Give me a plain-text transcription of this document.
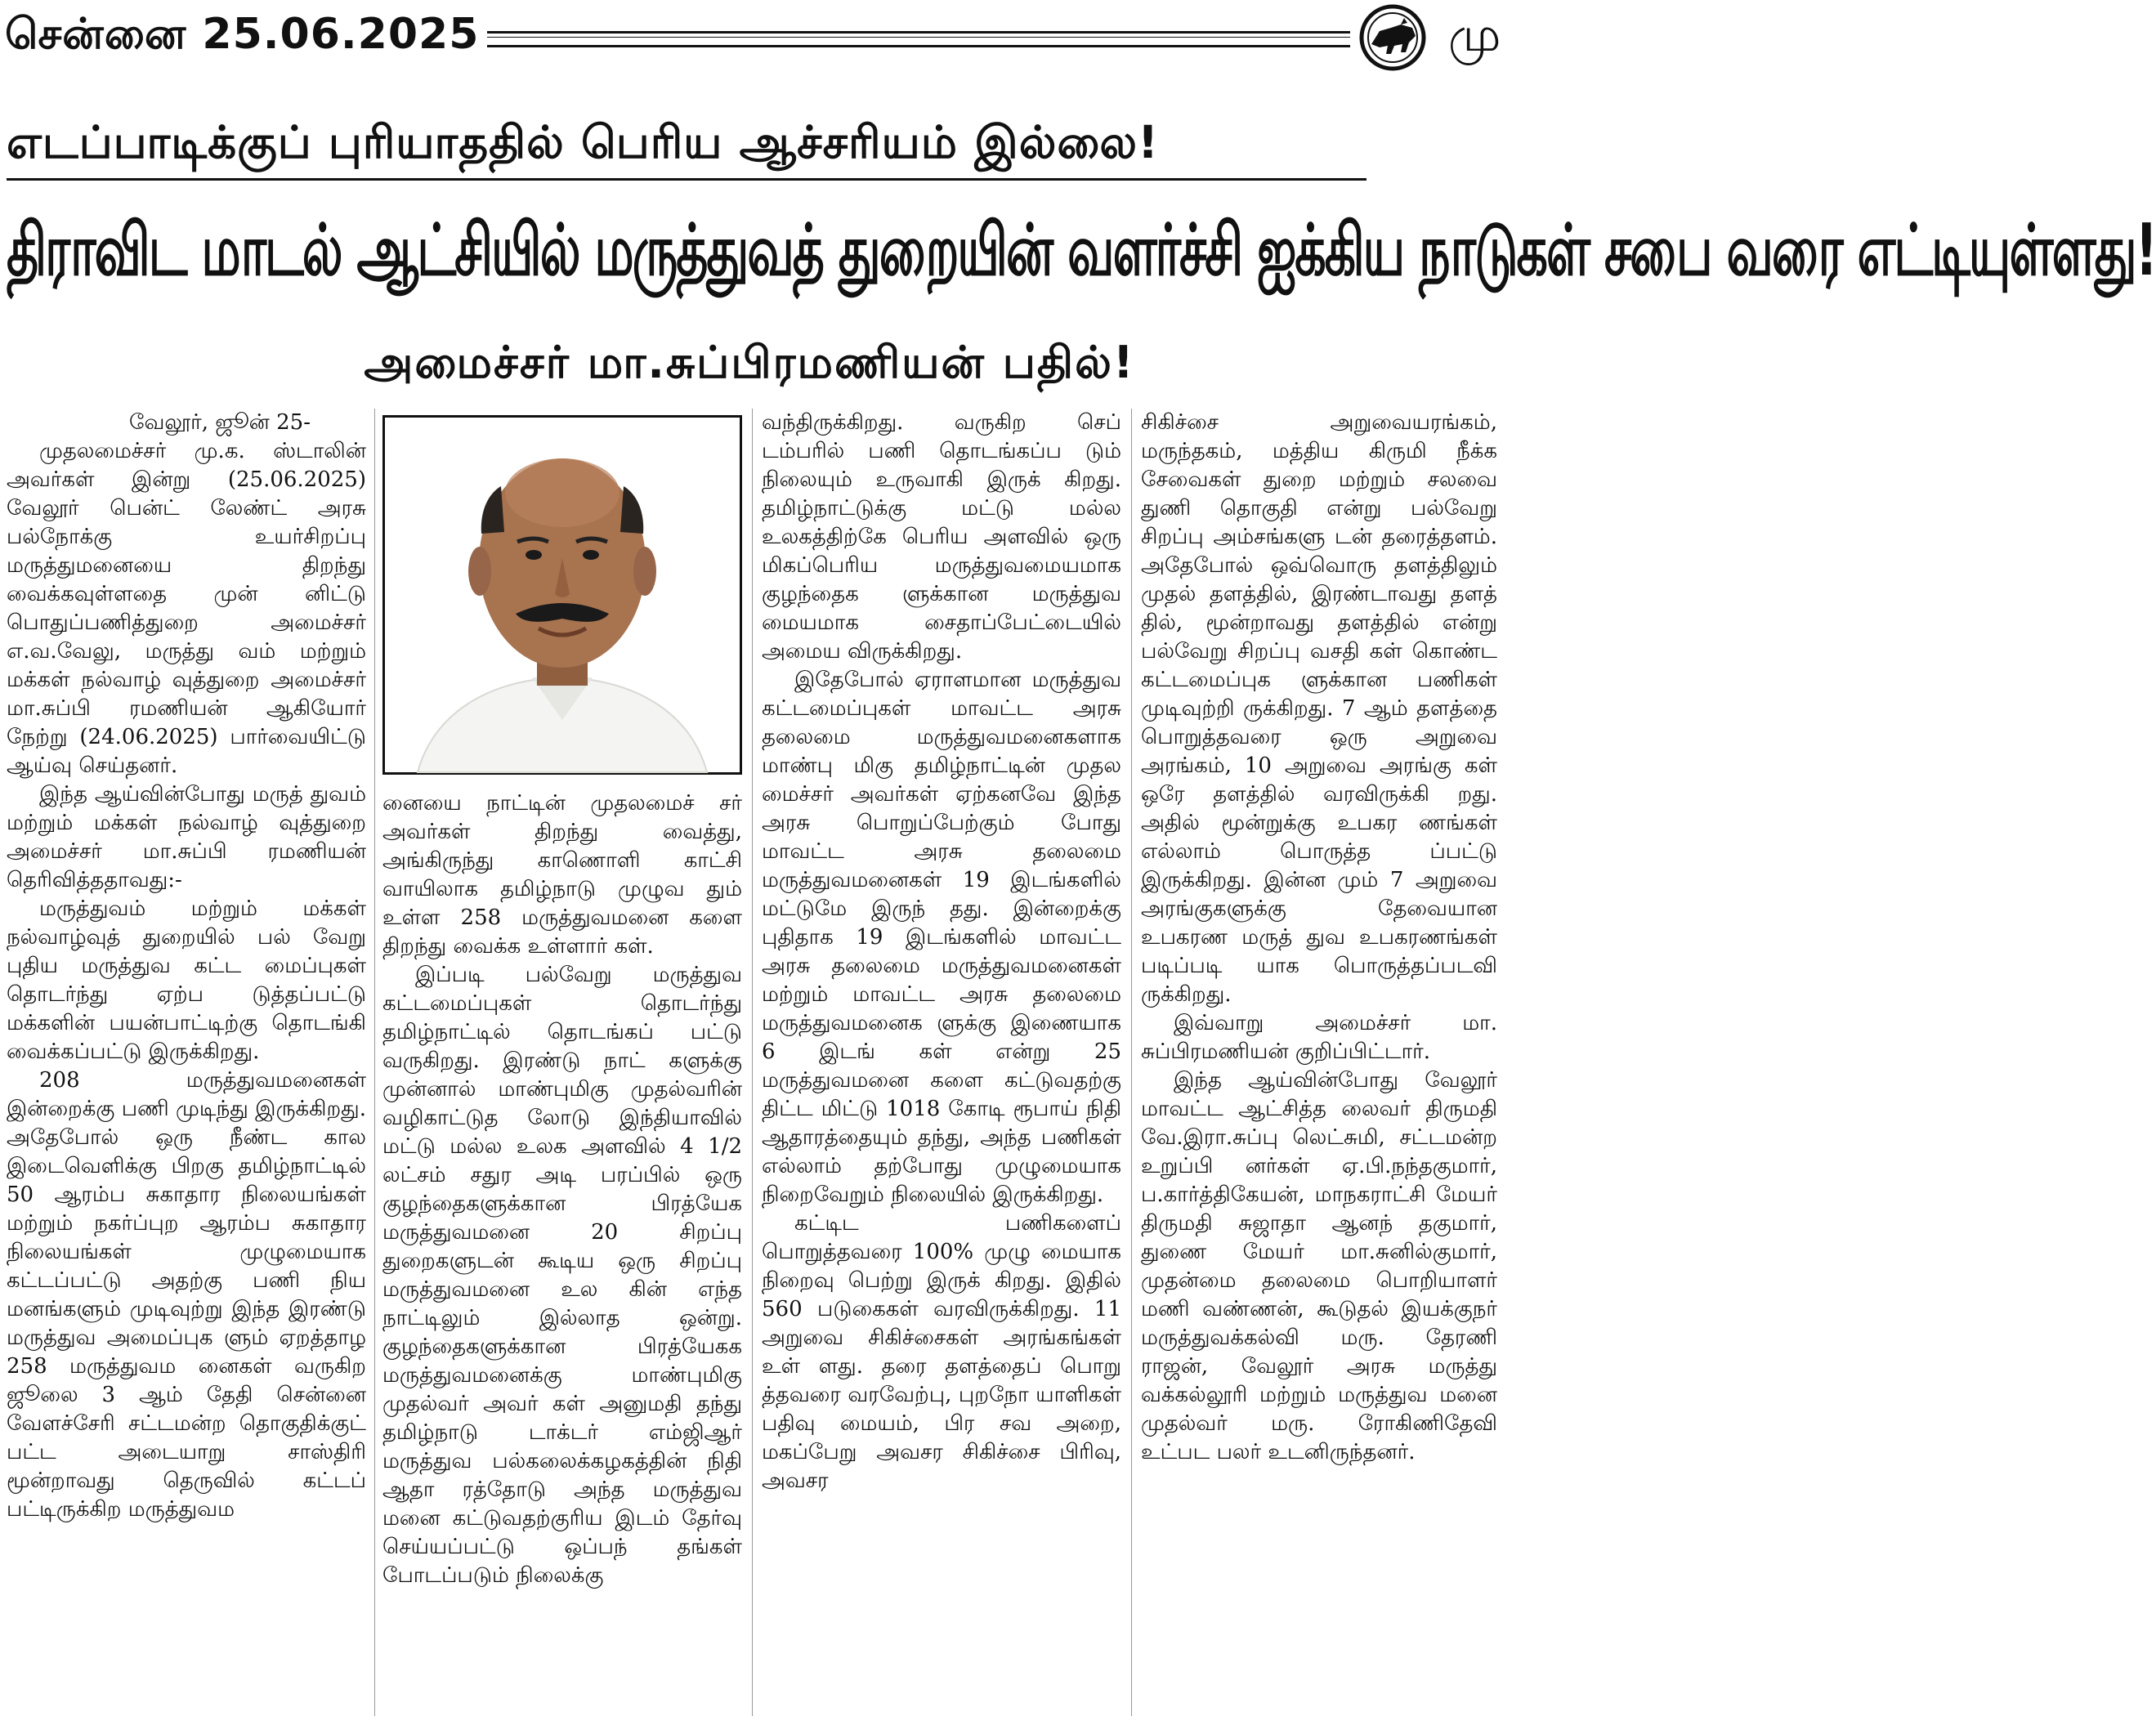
சென்னை 25.06.2025	மு
எடப்பாடிக்குப் புரியாததில் பெரிய ஆச்சரியம் இல்லை!
திராவிட மாடல் ஆட்சியில் மருத்துவத் துறையின் வளர்ச்சி ஐக்கிய நாடுகள் சபை வரை எட்டியுள்ளது!
அமைச்சர் மா.சுப்பிரமணியன் பதில்!

வேலூர், ஜூன் 25-

முதலமைச்சர் மு.க. ஸ்டாலின் அவர்கள் இன்று (25.06.2025) வேலூர் பென்ட் லேண்ட் அரசு பல்நோக்கு உயர்சிறப்பு மருத்துமனையை திறந்து வைக்கவுள்ளதை முன் னிட்டு பொதுப்பணித்துறை அமைச்சர் எ.வ.வேலு, மருத்து வம் மற்றும் மக்கள் நல்வாழ் வுத்துறை அமைச்சர் மா.சுப்பி ரமணியன் ஆகியோர் நேற்று (24.06.2025) பார்வையிட்டு ஆய்வு செய்தனர்.

இந்த ஆய்வின்போது மருத் துவம் மற்றும் மக்கள் நல்வாழ் வுத்துறை அமைச்சர் மா.சுப்பி ரமணியன் தெரிவித்ததாவது:-

மருத்துவம் மற்றும் மக்கள் நல்வாழ்வுத் துறையில் பல் வேறு புதிய மருத்துவ கட்ட மைப்புகள் தொடர்ந்து ஏற்ப டுத்தப்பட்டு மக்களின் பயன்பாட்டிற்கு தொடங்கி வைக்கப்பட்டு இருக்கிறது.

208 மருத்துவமனைகள் இன்றைக்கு பணி முடிந்து இருக்கிறது. அதேபோல் ஒரு நீண்ட கால இடைவெளிக்கு பிறகு தமிழ்நாட்டில் 50 ஆரம்ப சுகாதார நிலையங்கள் மற்றும் நகர்ப்புற ஆரம்ப சுகாதார நிலையங்கள் முழுமையாக கட்டப்பட்டு அதற்கு பணி நிய மனங்களும் முடிவுற்று இந்த இரண்டு மருத்துவ அமைப்புக ளும் ஏறத்தாழ 258 மருத்துவம னைகள் வருகிற ஜூலை 3 ஆம் தேதி சென்னை வேளச்சேரி சட்டமன்ற தொகுதிக்குட் பட்ட அடையாறு சாஸ்திரி மூன்றாவது தெருவில் கட்டப் பட்டிருக்கிற மருத்துவம

னையை நாட்டின் முதலமைச் சர் அவர்கள் திறந்து வைத்து, அங்கிருந்து காணொளி காட்சி வாயிலாக தமிழ்நாடு முழுவ தும் உள்ள 258 மருத்துவமனை களை திறந்து வைக்க உள்ளார் கள்.

இப்படி பல்வேறு மருத்துவ கட்டமைப்புகள் தொடர்ந்து தமிழ்நாட்டில் தொடங்கப் பட்டு வருகிறது. இரண்டு நாட் களுக்கு முன்னால் மாண்புமிகு முதல்வரின் வழிகாட்டுத லோடு இந்தியாவில் மட்டு மல்ல உலக அளவில் 4 1/2 லட்சம் சதுர அடி பரப்பில் ஒரு குழந்தைகளுக்கான பிரத்யேக மருத்துவமனை 20 சிறப்பு துறைகளுடன் கூடிய ஒரு சிறப்பு மருத்துவமனை உல கின் எந்த நாட்டிலும் இல்லாத ஒன்று. குழந்தைகளுக்கான பிரத்யேகக மருத்துவமனைக்கு மாண்புமிகு முதல்வர் அவர் கள் அனுமதி தந்து தமிழ்நாடு டாக்டர் எம்ஜிஆர் மருத்துவ பல்கலைக்கழகத்தின் நிதி ஆதா ரத்தோடு அந்த மருத்துவ மனை கட்டுவதற்குரிய இடம் தேர்வு செய்யப்பட்டு ஒப்பந் தங்கள் போடப்படும் நிலைக்கு

வந்திருக்கிறது. வருகிற செப் டம்பரில் பணி தொடங்கப்ப டும் நிலையும் உருவாகி இருக் கிறது. தமிழ்நாட்டுக்கு மட்டு மல்ல உலகத்திற்கே பெரிய அளவில் ஒரு மிகப்பெரிய மருத்துவமையமாக குழந்தைக ளுக்கான மருத்துவ மையமாக சைதாப்பேட்டையில் அமைய விருக்கிறது.

இதேபோல் ஏராளமான மருத்துவ கட்டமைப்புகள் மாவட்ட அரசு தலைமை மருத்துவமனைகளாக மாண்பு மிகு தமிழ்நாட்டின் முதல மைச்சர் அவர்கள் ஏற்கனவே இந்த அரசு பொறுப்பேற்கும் போது மாவட்ட அரசு தலைமை மருத்துவமனைகள் 19 இடங்களில் மட்டுமே இருந் தது. இன்றைக்கு புதிதாக 19 இடங்களில் மாவட்ட அரசு தலைமை மருத்துவமனைகள் மற்றும் மாவட்ட அரசு தலைமை மருத்துவமனைக ளுக்கு இணையாக 6 இடங் கள் என்று 25 மருத்துவமனை களை கட்டுவதற்கு திட்ட மிட்டு 1018 கோடி ரூபாய் நிதி ஆதாரத்தையும் தந்து, அந்த பணிகள் எல்லாம் தற்போது முழுமையாக நிறைவேறும் நிலையில் இருக்கிறது.

கட்டிட பணிகளைப் பொறுத்தவரை 100% முழு மையாக நிறைவு பெற்று இருக் கிறது. இதில் 560 படுகைகள் வரவிருக்கிறது. 11 அறுவை சிகிச்சைகள் அரங்கங்கள் உள் ளது. தரை தளத்தைப் பொறு த்தவரை வரவேற்பு, புறநோ யாளிகள் பதிவு மையம், பிர சவ அறை, மகப்பேறு அவசர சிகிச்சை பிரிவு, அவசர

சிகிச்சை அறுவையரங்கம், மருந்தகம், மத்திய கிருமி நீக்க சேவைகள் துறை மற்றும் சலவை துணி தொகுதி என்று பல்வேறு சிறப்பு அம்சங்களு டன் தரைத்தளம். அதேபோல் ஒவ்வொரு தளத்திலும் முதல் தளத்தில், இரண்டாவது தளத் தில், மூன்றாவது தளத்தில் என்று பல்வேறு சிறப்பு வசதி கள் கொண்ட கட்டமைப்புக ளுக்கான பணிகள் முடிவுற்றி ருக்கிறது. 7 ஆம் தளத்தை பொறுத்தவரை ஒரு அறுவை அரங்கம், 10 அறுவை அரங்கு கள் ஒரே தளத்தில் வரவிருக்கி றது. அதில் மூன்றுக்கு உபகர ணங்கள் எல்லாம் பொருத்த ப்பட்டு இருக்கிறது. இன்ன மும் 7 அறுவை அரங்குகளுக்கு தேவையான உபகரண மருத் துவ உபகரணங்கள் படிப்படி யாக பொருத்தப்படவி ருக்கிறது.

இவ்வாறு அமைச்சர் மா. சுப்பிரமணியன் குறிப்பிட்டார்.

இந்த ஆய்வின்போது வேலூர் மாவட்ட ஆட்சித்த லைவர் திருமதி வே.இரா.சுப்பு லெட்சுமி, சட்டமன்ற உறுப்பி னர்கள் ஏ.பி.நந்தகுமார், ப.கார்த்திகேயன், மாநகராட்சி மேயர் திருமதி சுஜாதா ஆனந் தகுமார், துணை மேயர் மா.சுனில்குமார், முதன்மை தலைமை பொறியாளர் மணி வண்ணன், கூடுதல் இயக்குநர் மருத்துவக்கல்வி மரு. தேரணி ராஜன், வேலூர் அரசு மருத்து வக்கல்லூரி மற்றும் மருத்துவ மனை முதல்வர் மரு. ரோகிணிதேவி உட்பட பலர் உடனிருந்தனர்.
